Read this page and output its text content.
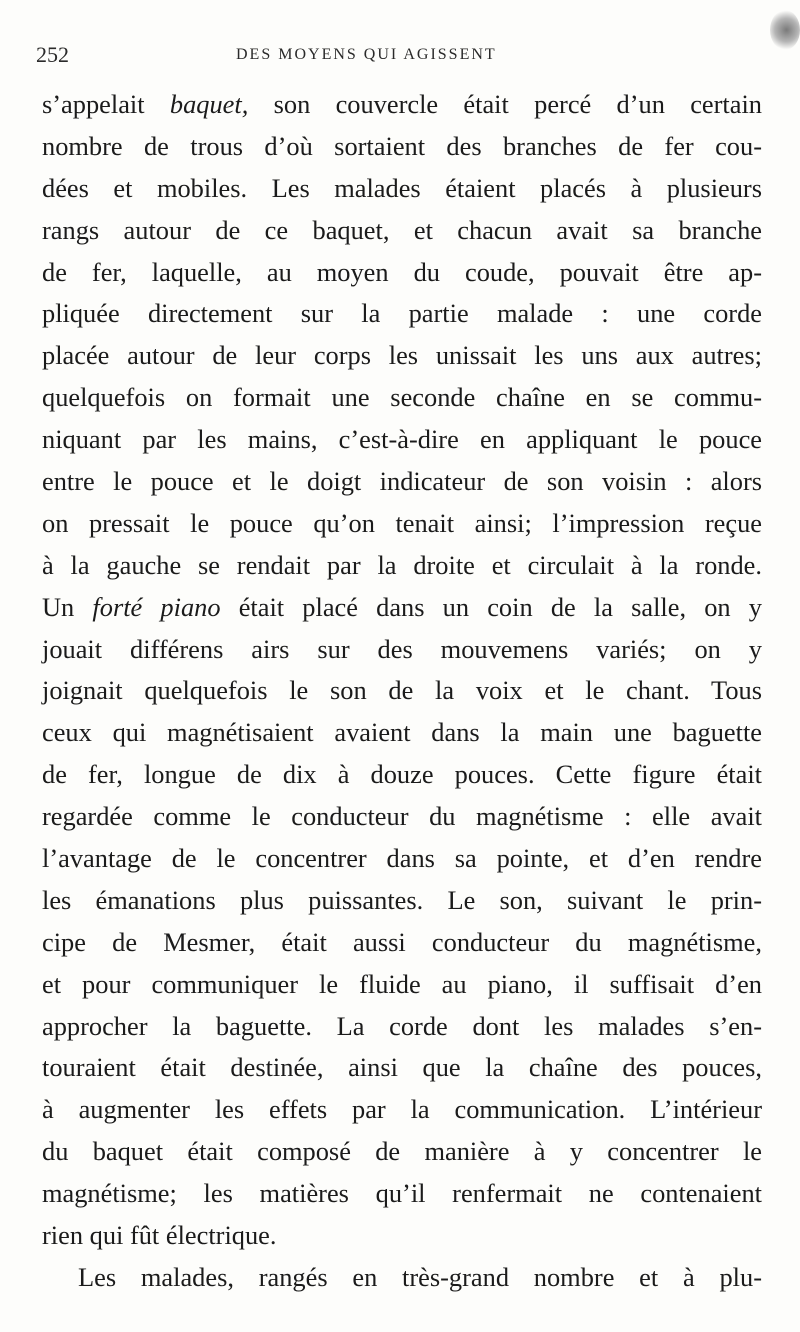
252	DES MOYENS QUI AGISSENT
s’appelait baquet, son couvercle était percé d’un certain
nombre de trous d’où sortaient des branches de fer cou-
dées et mobiles. Les malades étaient placés à plusieurs
rangs autour de ce baquet, et chacun avait sa branche
de fer, laquelle, au moyen du coude, pouvait être ap-
pliquée directement sur la partie malade : une corde
placée autour de leur corps les unissait les uns aux autres;
quelquefois on formait une seconde chaîne en se commu-
niquant par les mains, c’est-à-dire en appliquant le pouce
entre le pouce et le doigt indicateur de son voisin : alors
on pressait le pouce qu’on tenait ainsi; l’impression reçue
à la gauche se rendait par la droite et circulait à la ronde.
Un forté piano était placé dans un coin de la salle, on y
jouait différens airs sur des mouvemens variés; on y
joignait quelquefois le son de la voix et le chant. Tous
ceux qui magnétisaient avaient dans la main une baguette
de fer, longue de dix à douze pouces. Cette figure était
regardée comme le conducteur du magnétisme : elle avait
l’avantage de le concentrer dans sa pointe, et d’en rendre
les émanations plus puissantes. Le son, suivant le prin-
cipe de Mesmer, était aussi conducteur du magnétisme,
et pour communiquer le fluide au piano, il suffisait d’en
approcher la baguette. La corde dont les malades s’en-
touraient était destinée, ainsi que la chaîne des pouces,
à augmenter les effets par la communication. L’intérieur
du baquet était composé de manière à y concentrer le
magnétisme; les matières qu’il renfermait ne contenaient
rien qui fût électrique.
Les malades, rangés en très-grand nombre et à plu-
